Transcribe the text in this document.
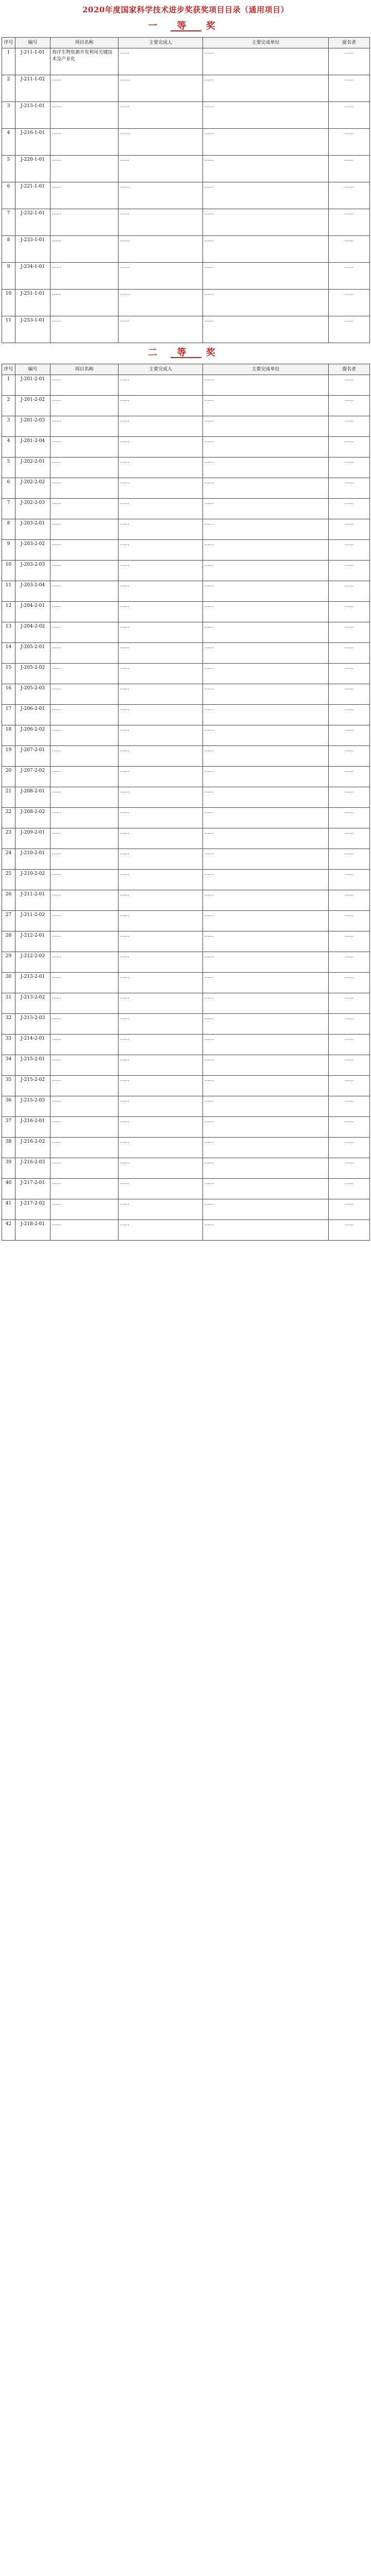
2020年度国家科学技术进步奖获奖项目目录（通用项目）
一 等 奖					

序号	编号	项目名称	主要完成人	主要完成单位	提名者
1	J-211-1-01	海洋生物资源开发利用关键技术及产业化	……	……	……
2	J-211-1-02	……	……	……	……
3	J-213-1-01	……	……	……	……
4	J-216-1-01	……	……	……	……
5	J-220-1-01	……	……	……	……
6	J-221-1-01	……	……	……	……
7	J-232-1-01	……	……	……	……
8	J-233-1-01	……	……	……	……
9	J-234-1-01	……	……	……	……
10	J-251-1-01	……	……	……	……
11	J-253-1-01	……	……	……	……
二 等 奖					

序号	编号	项目名称	主要完成人	主要完成单位	提名者
1	J-201-2-01	……	……	……	……
2	J-201-2-02	……	……	……	……
3	J-201-2-03	……	……	……	……
4	J-201-2-04	……	……	……	……
5	J-202-2-01	……	……	……	……
6	J-202-2-02	……	……	……	……
7	J-202-2-03	……	……	……	……
8	J-203-2-01	……	……	……	……
9	J-203-2-02	……	……	……	……
10	J-203-2-03	……	……	……	……
11	J-203-2-04	……	……	……	……
12	J-204-2-01	……	……	……	……
13	J-204-2-02	……	……	……	……
14	J-205-2-01	……	……	……	……
15	J-205-2-02	……	……	……	……
16	J-205-2-03	……	……	……	……
17	J-206-2-01	……	……	……	……
18	J-206-2-02	……	……	……	……
19	J-207-2-01	……	……	……	……
20	J-207-2-02	……	……	……	……
21	J-208-2-01	……	……	……	……
22	J-208-2-02	……	……	……	……
23	J-209-2-01	……	……	……	……
24	J-210-2-01	……	……	……	……
25	J-210-2-02	……	……	……	……
26	J-211-2-01	……	……	……	……
27	J-211-2-02	……	……	……	……
28	J-212-2-01	……	……	……	……
29	J-212-2-02	……	……	……	……
30	J-213-2-01	……	……	……	……
31	J-213-2-02	……	……	……	……
32	J-213-2-03	……	……	……	……
33	J-214-2-01	……	……	……	……
34	J-215-2-01	……	……	……	……
35	J-215-2-02	……	……	……	……
36	J-215-2-03	……	……	……	……
37	J-216-2-01	……	……	……	……
38	J-216-2-02	……	……	……	……
39	J-216-2-03	……	……	……	……
40	J-217-2-01	……	……	……	……
41	J-217-2-02	……	……	……	……
42	J-218-2-01	……	……	……	……
